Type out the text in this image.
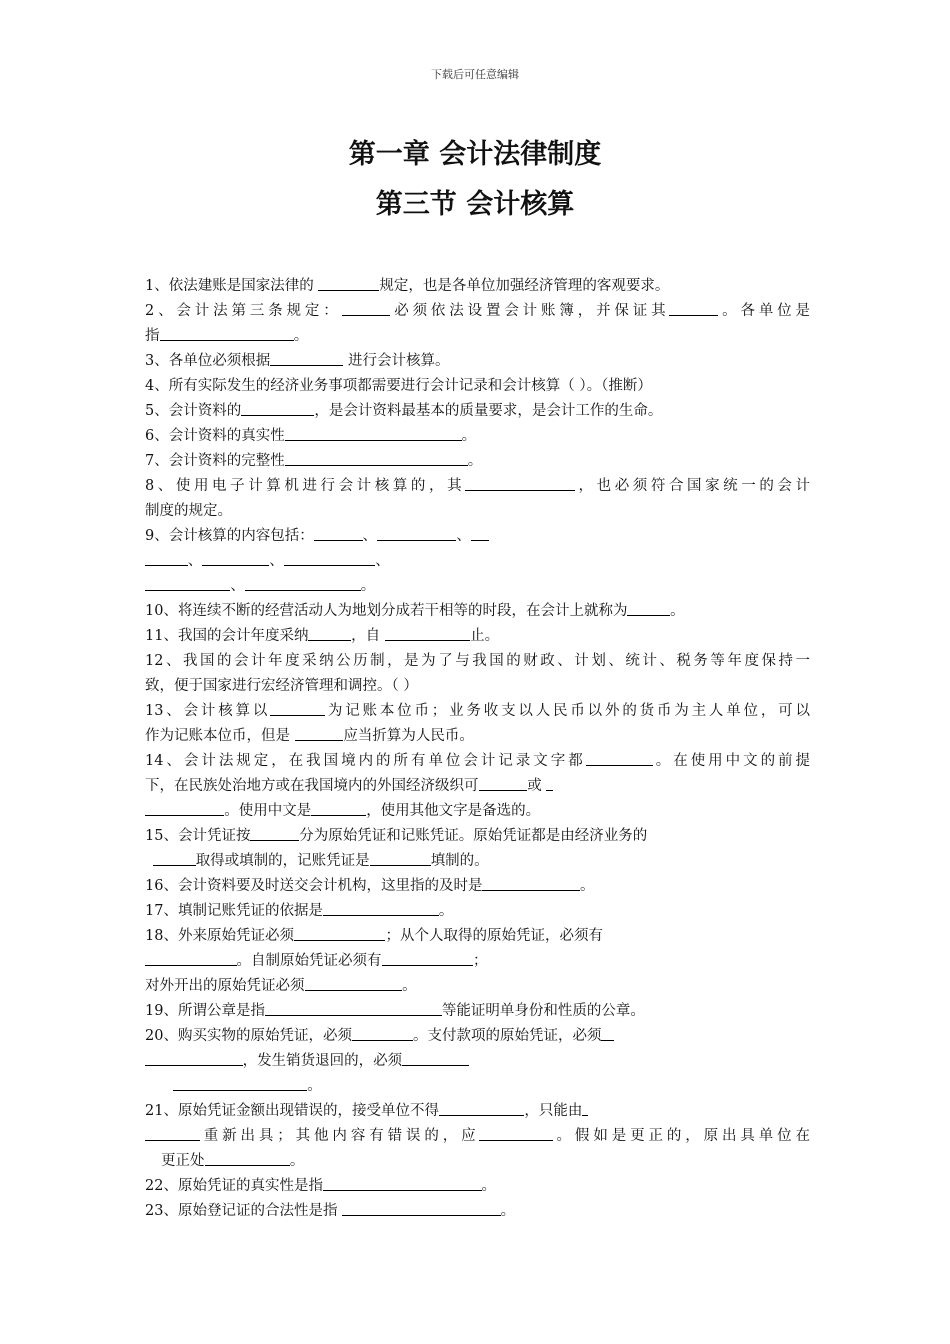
下载后可任意编辑
第一章 会计法律制度
第三节 会计核算
1、依法建账是国家法律的	规定，也是各单位加强经济管理的客观要求。
2、会计法第三条规定：	必须依法设置会计账簿，并保证其	。各单位是
指	。
3、各单位必须根据	进行会计核算。
4、所有实际发生的经济业务事项都需要进行会计记录和会计核算（ ）。（推断）
5、会计资料的	，是会计资料最基本的质量要求，是会计工作的生命。
6、会计资料的真实性	。
7、会计资料的完整性	。
8、使用电子计算机进行会计核算的，其	，也必须符合国家统一的会计
制度的规定。
9、会计核算的内容包括：	、	、
、	、	、
、	。
10、将连续不断的经营活动人为地划分成若干相等的时段，在会计上就称为	。
11、我国的会计年度采纳	，自	止。
12、我国的会计年度采纳公历制，是为了与我国的财政、计划、统计、税务等年度保持一
致，便于国家进行宏经济管理和调控。（ ）
13、会计核算以	为记账本位币；业务收支以人民币以外的货币为主人单位，可以
作为记账本位币，但是	应当折算为人民币。
14、会计法规定，在我国境内的所有单位会计记录文字都	。在使用中文的前提
下，在民族处治地方或在我国境内的外国经济级织可	或
。使用中文是	，使用其他文字是备选的。
15、会计凭证按	分为原始凭证和记账凭证。原始凭证都是由经济业务的
取得或填制的，记账凭证是	填制的。
16、会计资料要及时送交会计机构，这里指的及时是	。
17、填制记账凭证的依据是	。
18、外来原始凭证必须	；从个人取得的原始凭证，必须有
。自制原始凭证必须有	；
对外开出的原始凭证必须	。
19、所谓公章是指	等能证明单身份和性质的公章。
20、购买实物的原始凭证，必须	。支付款项的原始凭证，必须
，发生销货退回的，必须
。
21、原始凭证金额出现错误的，接受单位不得	，只能由
重新出具；其他内容有错误的，应	。假如是更正的，原出具单位在
更正处	。
22、原始凭证的真实性是指	。
23、原始登记证的合法性是指	。
